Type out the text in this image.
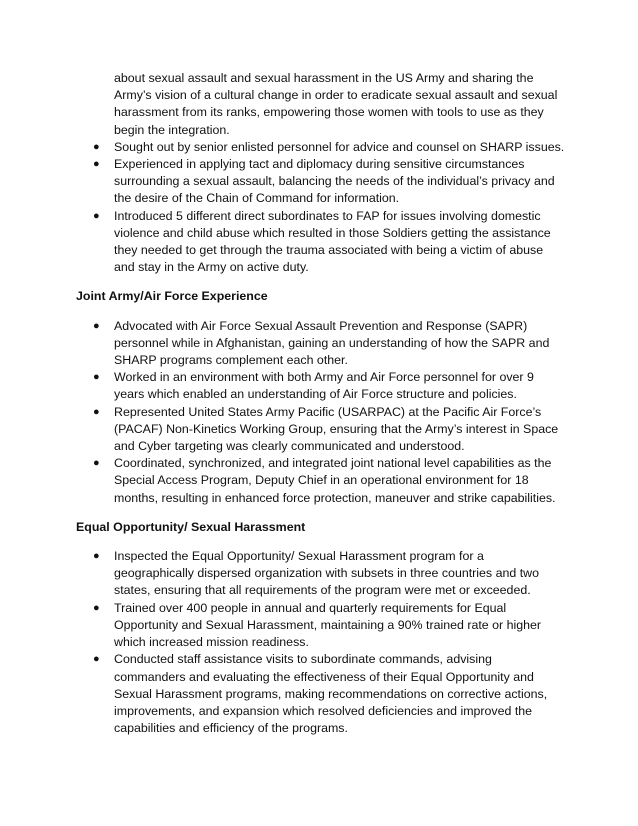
about sexual assault and sexual harassment in the US Army and sharing the Army’s vision of a cultural change in order to eradicate sexual assault and sexual harassment from its ranks, empowering those women with tools to use as they begin the integration.
● Sought out by senior enlisted personnel for advice and counsel on SHARP issues.
● Experienced in applying tact and diplomacy during sensitive circumstances surrounding a sexual assault, balancing the needs of the individual’s privacy and the desire of the Chain of Command for information.
● Introduced 5 different direct subordinates to FAP for issues involving domestic violence and child abuse which resulted in those Soldiers getting the assistance they needed to get through the trauma associated with being a victim of abuse and stay in the Army on active duty.
Joint Army/Air Force Experience
● Advocated with Air Force Sexual Assault Prevention and Response (SAPR) personnel while in Afghanistan, gaining an understanding of how the SAPR and SHARP programs complement each other.
● Worked in an environment with both Army and Air Force personnel for over 9 years which enabled an understanding of Air Force structure and policies.
● Represented United States Army Pacific (USARPAC) at the Pacific Air Force’s (PACAF) Non-Kinetics Working Group, ensuring that the Army’s interest in Space and Cyber targeting was clearly communicated and understood.
● Coordinated, synchronized, and integrated joint national level capabilities as the Special Access Program, Deputy Chief in an operational environment for 18 months, resulting in enhanced force protection, maneuver and strike capabilities.
Equal Opportunity/ Sexual Harassment
● Inspected the Equal Opportunity/ Sexual Harassment program for a geographically dispersed organization with subsets in three countries and two states, ensuring that all requirements of the program were met or exceeded.
● Trained over 400 people in annual and quarterly requirements for Equal Opportunity and Sexual Harassment, maintaining a 90% trained rate or higher which increased mission readiness.
● Conducted staff assistance visits to subordinate commands, advising commanders and evaluating the effectiveness of their Equal Opportunity and Sexual Harassment programs, making recommendations on corrective actions, improvements, and expansion which resolved deficiencies and improved the capabilities and efficiency of the programs.
